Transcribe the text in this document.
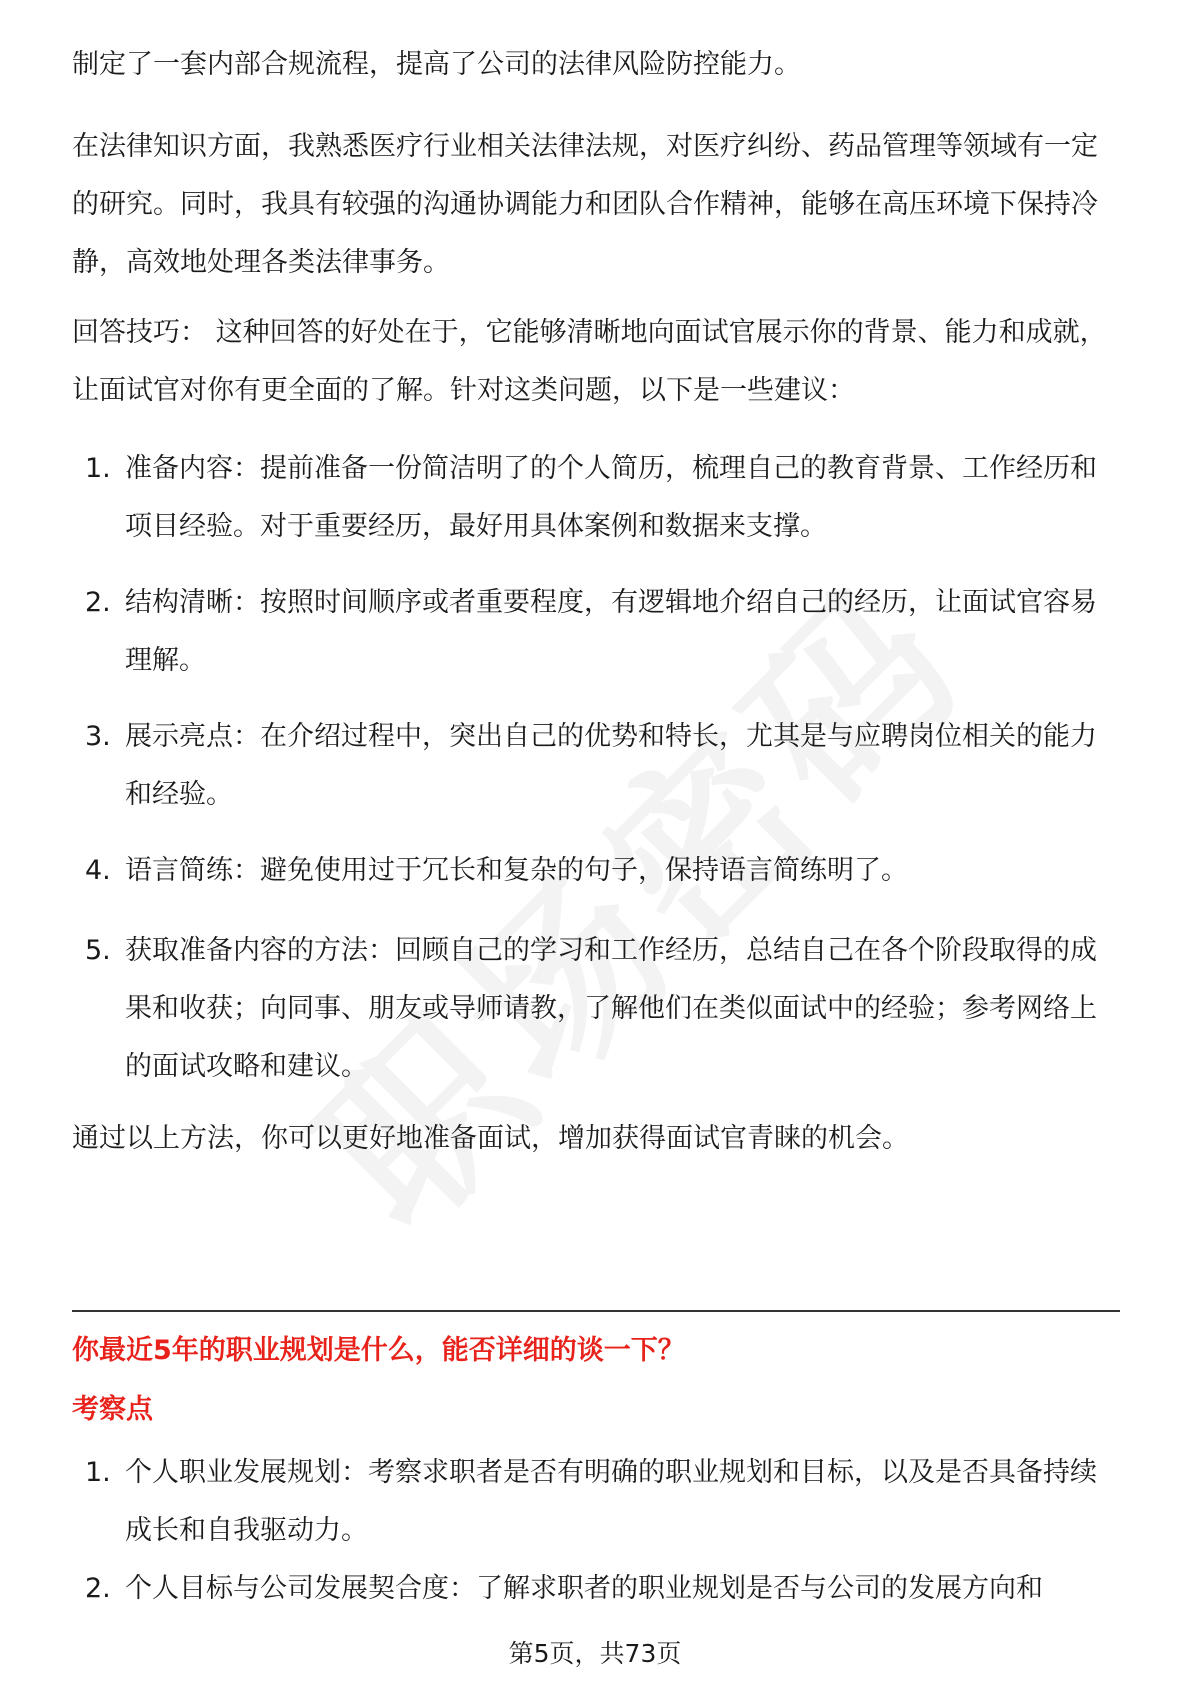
制定了一套内部合规流程，提高了公司的法律风险防控能力。

在法律知识方面，我熟悉医疗行业相关法律法规，对医疗纠纷、药品管理等领域有一定的研究。同时，我具有较强的沟通协调能力和团队合作精神，能够在高压环境下保持冷静，高效地处理各类法律事务。

回答技巧： 这种回答的好处在于，它能够清晰地向面试官展示你的背景、能力和成就，让面试官对你有更全面的了解。针对这类问题，以下是一些建议：

1. 准备内容：提前准备一份简洁明了的个人简历，梳理自己的教育背景、工作经历和项目经验。对于重要经历，最好用具体案例和数据来支撑。
2. 结构清晰：按照时间顺序或者重要程度，有逻辑地介绍自己的经历，让面试官容易理解。
3. 展示亮点：在介绍过程中，突出自己的优势和特长，尤其是与应聘岗位相关的能力和经验。
4. 语言简练：避免使用过于冗长和复杂的句子，保持语言简练明了。
5. 获取准备内容的方法：回顾自己的学习和工作经历，总结自己在各个阶段取得的成果和收获；向同事、朋友或导师请教，了解他们在类似面试中的经验；参考网络上的面试攻略和建议。

通过以上方法，你可以更好地准备面试，增加获得面试官青睐的机会。

你最近5年的职业规划是什么，能否详细的谈一下？
考察点
1. 个人职业发展规划：考察求职者是否有明确的职业规划和目标，以及是否具备持续成长和自我驱动力。
2. 个人目标与公司发展契合度：了解求职者的职业规划是否与公司的发展方向和
第5页，共73页
